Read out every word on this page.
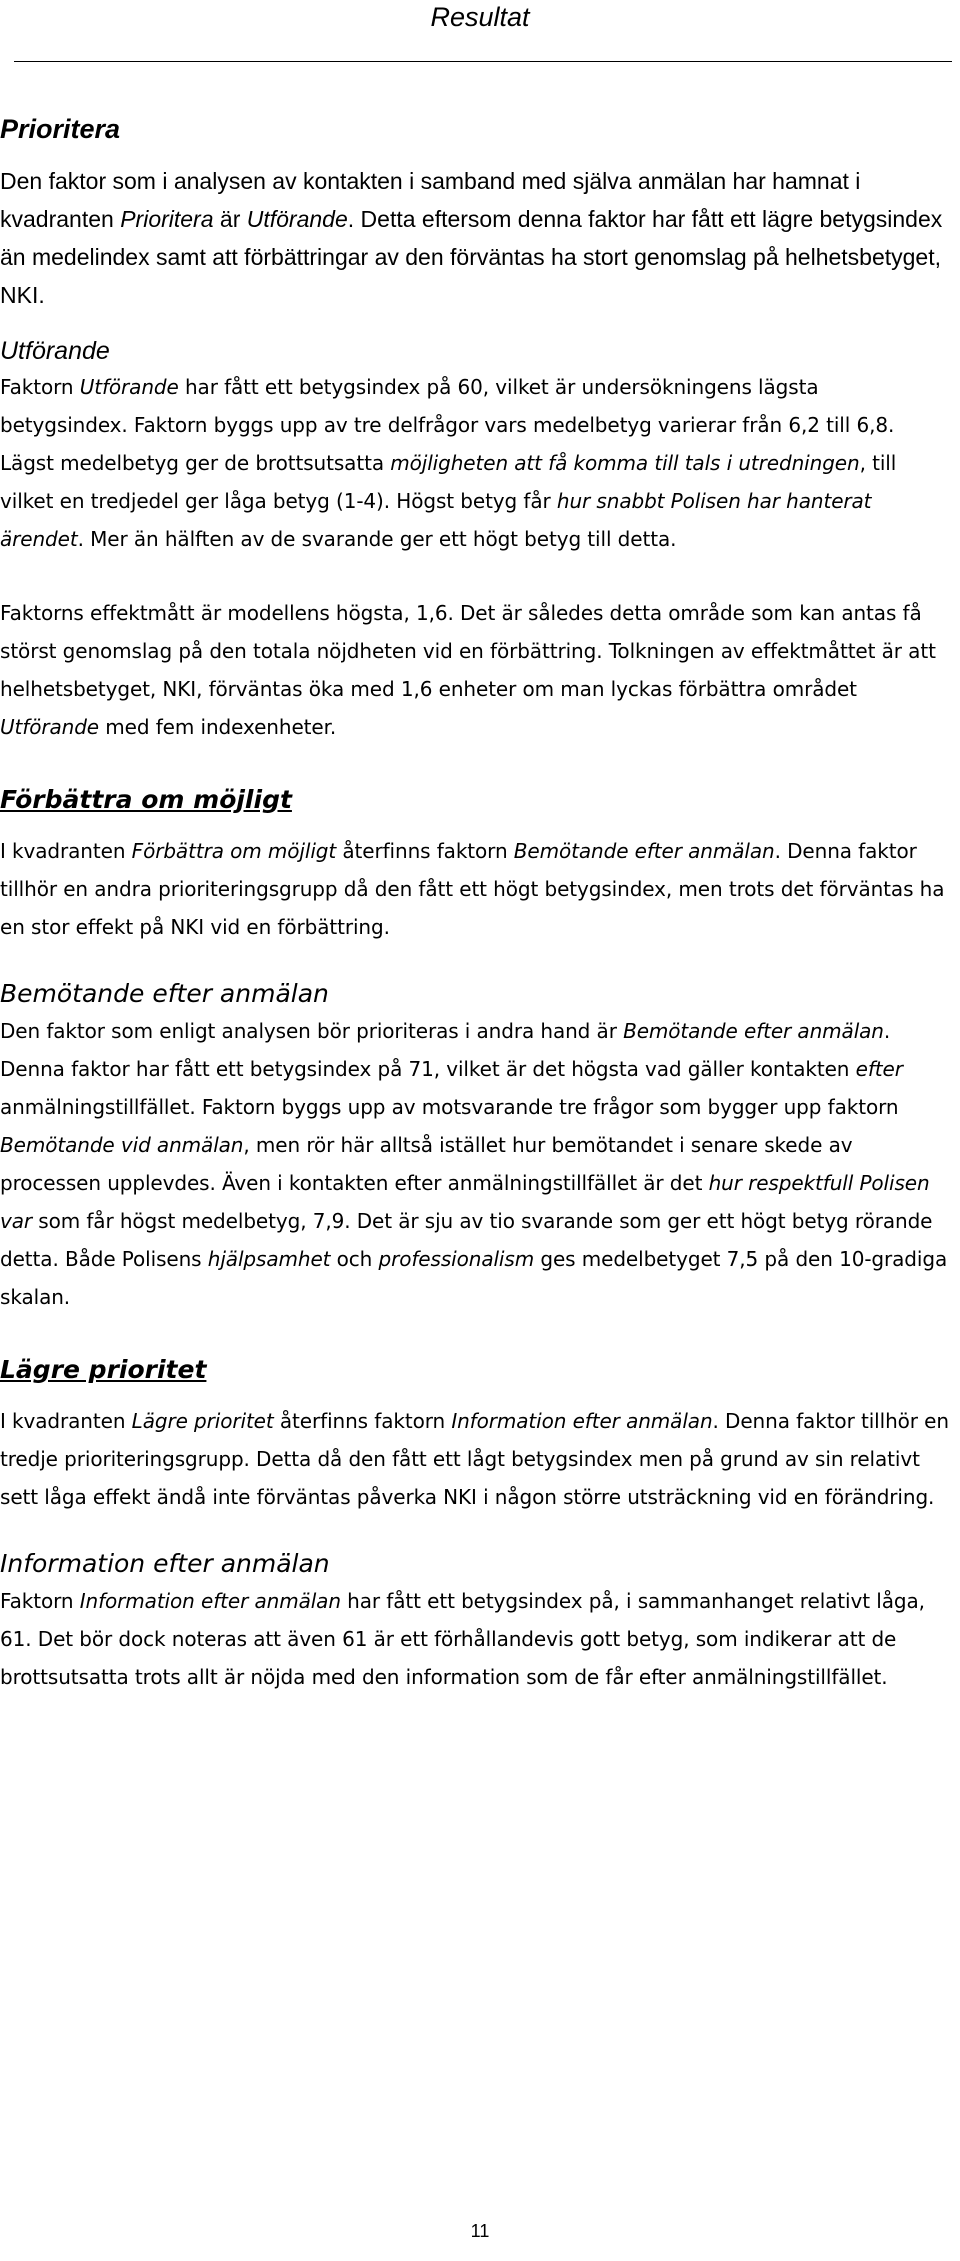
Resultat
Prioritera

Den faktor som i analysen av kontakten i samband med själva anmälan har hamnat i kvadranten Prioritera är Utförande. Detta eftersom denna faktor har fått ett lägre betygsindex än medelindex samt att förbättringar av den förväntas ha stort genomslag på helhetsbetyget, NKI.

Utförande

Faktorn Utförande har fått ett betygsindex på 60, vilket är undersökningens lägsta betygsindex. Faktorn byggs upp av tre delfrågor vars medelbetyg varierar från 6,2 till 6,8. Lägst medelbetyg ger de brottsutsatta möjligheten att få komma till tals i utredningen, till vilket en tredjedel ger låga betyg (1-4). Högst betyg får hur snabbt Polisen har hanterat ärendet. Mer än hälften av de svarande ger ett högt betyg till detta.

Faktorns effektmått är modellens högsta, 1,6. Det är således detta område som kan antas få störst genomslag på den totala nöjdheten vid en förbättring. Tolkningen av effektmåttet är att helhetsbetyget, NKI, förväntas öka med 1,6 enheter om man lyckas förbättra området Utförande med fem indexenheter.

Förbättra om möjligt

I kvadranten Förbättra om möjligt återfinns faktorn Bemötande efter anmälan. Denna faktor tillhör en andra prioriteringsgrupp då den fått ett högt betygsindex, men trots det förväntas ha en stor effekt på NKI vid en förbättring.

Bemötande efter anmälan

Den faktor som enligt analysen bör prioriteras i andra hand är Bemötande efter anmälan. Denna faktor har fått ett betygsindex på 71, vilket är det högsta vad gäller kontakten efter anmälningstillfället. Faktorn byggs upp av motsvarande tre frågor som bygger upp faktorn Bemötande vid anmälan, men rör här alltså istället hur bemötandet i senare skede av processen upplevdes. Även i kontakten efter anmälningstillfället är det hur respektfull Polisen var som får högst medelbetyg, 7,9. Det är sju av tio svarande som ger ett högt betyg rörande detta. Både Polisens hjälpsamhet och professionalism ges medelbetyget 7,5 på den 10-gradiga skalan.

Lägre prioritet

I kvadranten Lägre prioritet återfinns faktorn Information efter anmälan. Denna faktor tillhör en tredje prioriteringsgrupp. Detta då den fått ett lågt betygsindex men på grund av sin relativt sett låga effekt ändå inte förväntas påverka NKI i någon större utsträckning vid en förändring.

Information efter anmälan

Faktorn Information efter anmälan har fått ett betygsindex på, i sammanhanget relativt låga, 61. Det bör dock noteras att även 61 är ett förhållandevis gott betyg, som indikerar att de brottsutsatta trots allt är nöjda med den information som de får efter anmälningstillfället.

11
